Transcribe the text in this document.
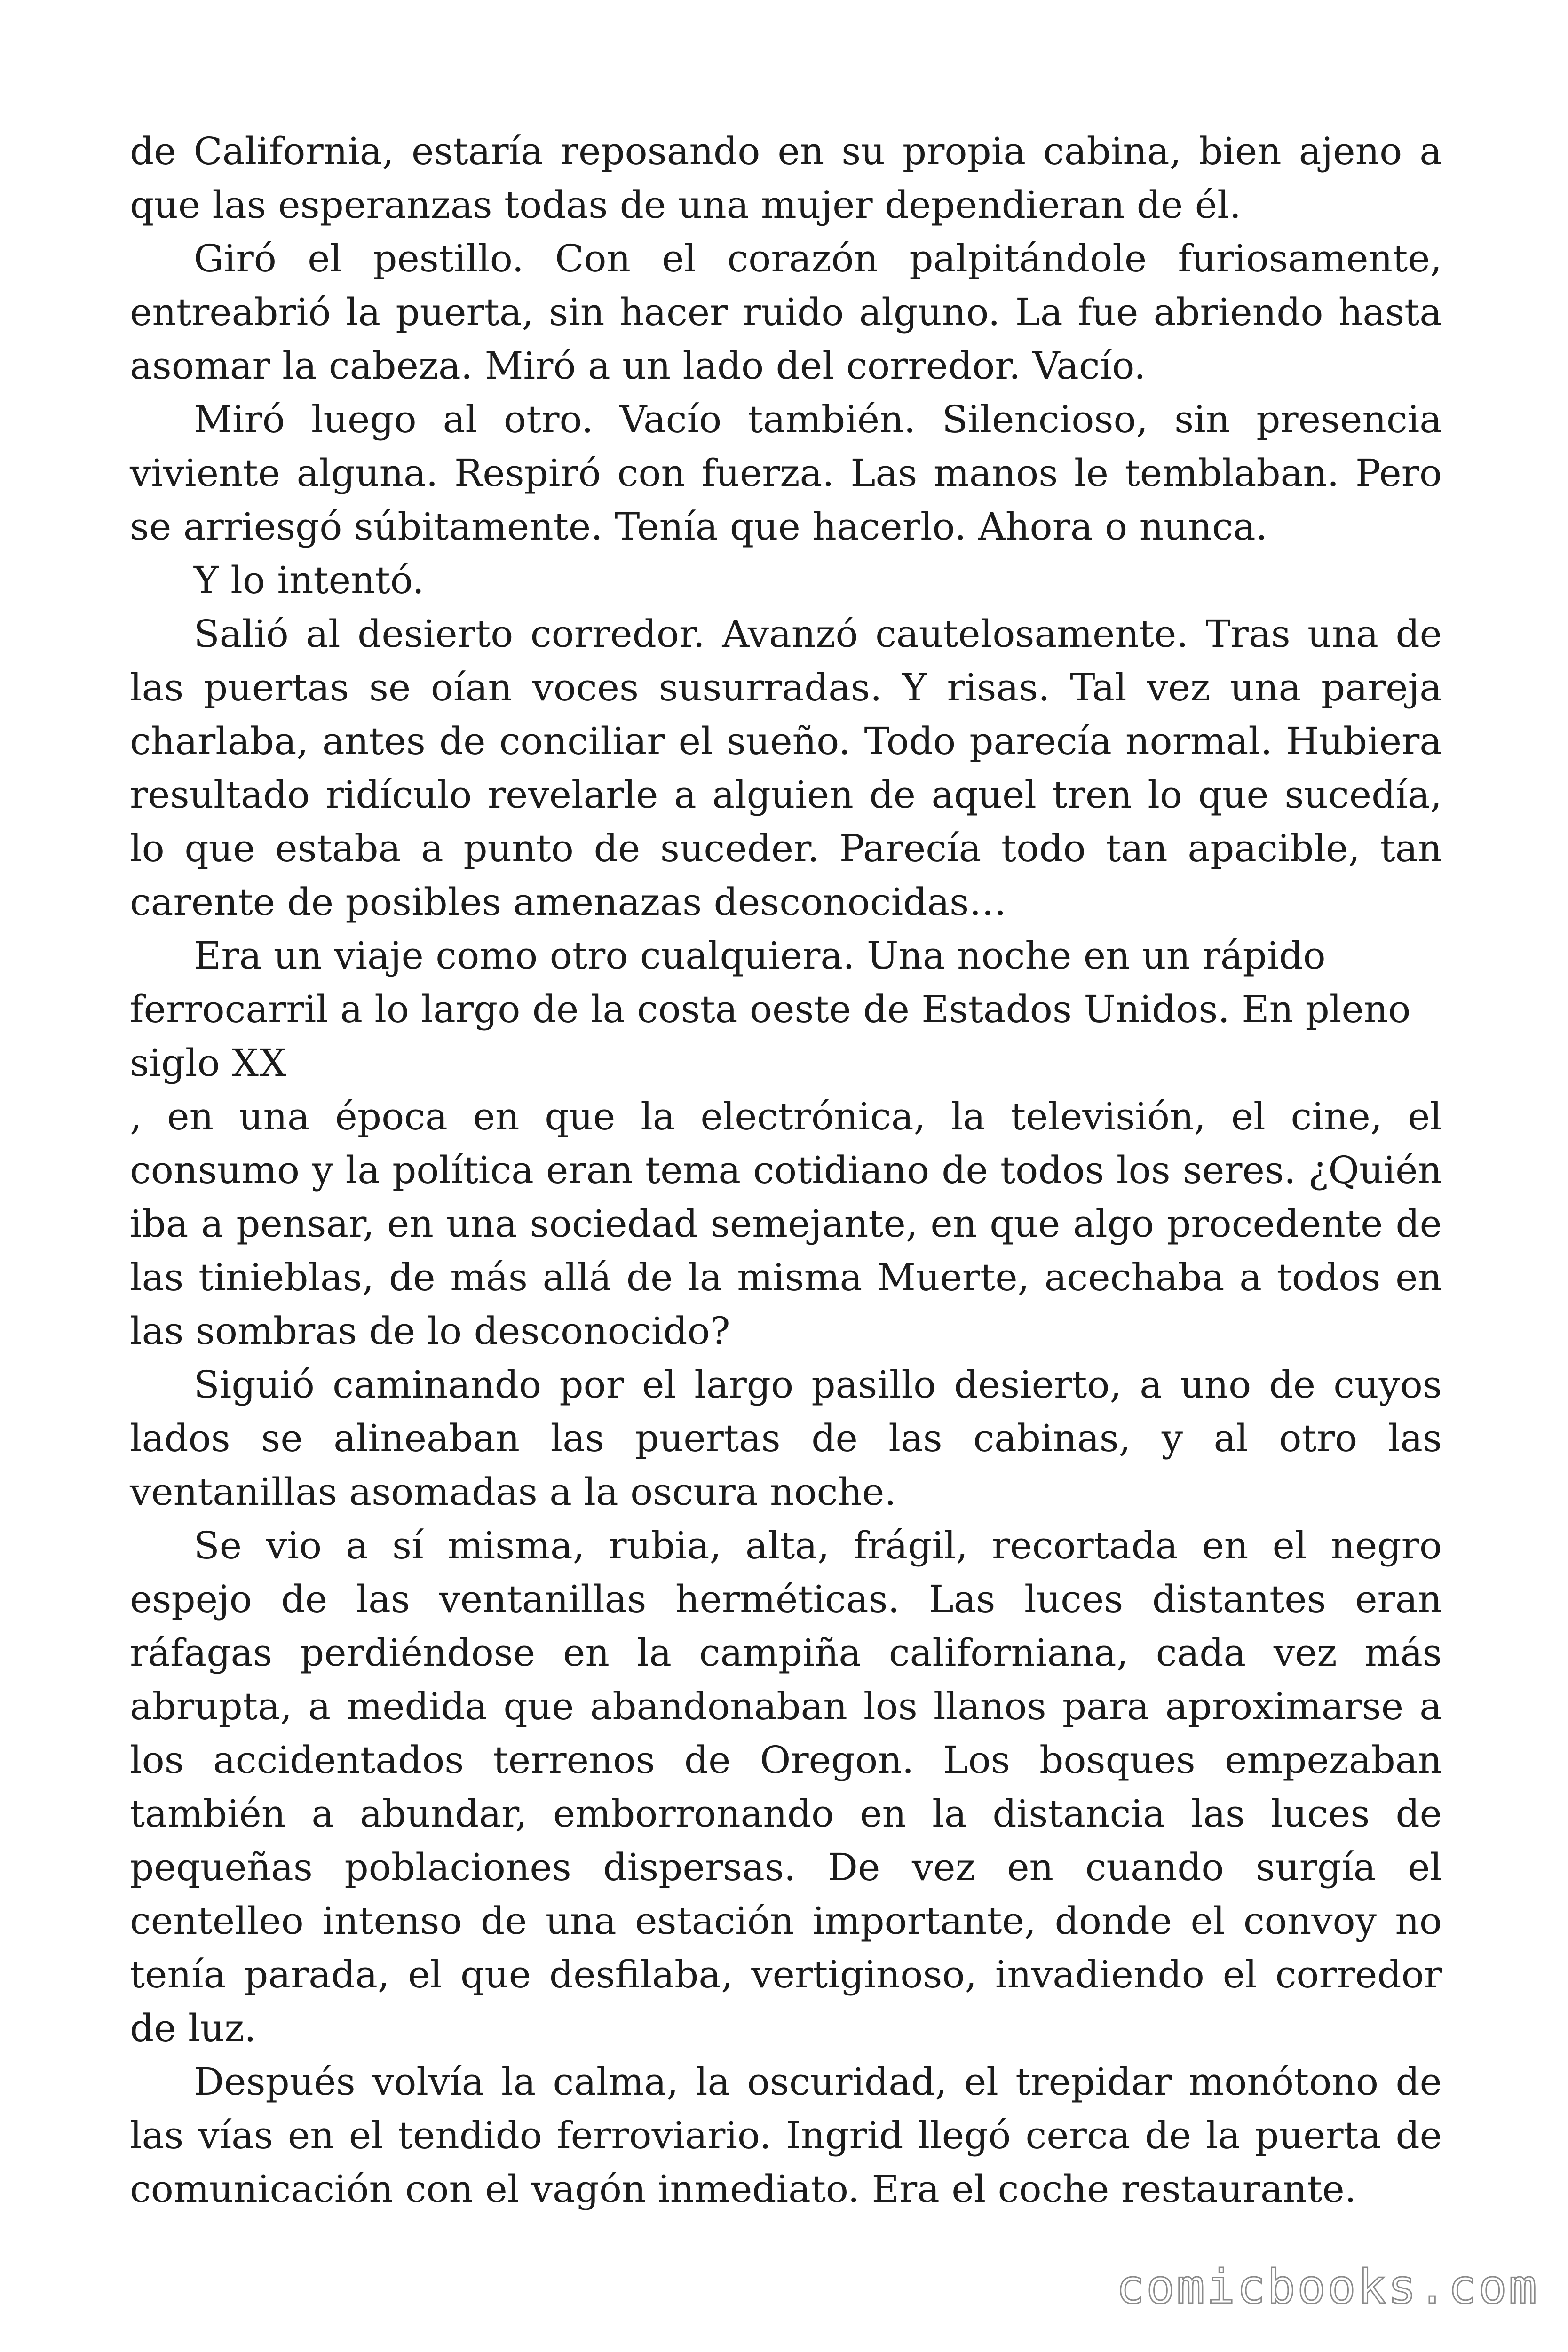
de California, estaría reposando en su propia cabina, bien ajeno a que las esperanzas todas de una mujer dependieran de él.

Giró el pestillo. Con el corazón palpitándole furiosamente, entreabrió la puerta, sin hacer ruido alguno. La fue abriendo hasta asomar la cabeza. Miró a un lado del corredor. Vacío.

Miró luego al otro. Vacío también. Silencioso, sin presencia viviente alguna. Respiró con fuerza. Las manos le temblaban. Pero se arriesgó súbitamente. Tenía que hacerlo. Ahora o nunca.

Y lo intentó.

Salió al desierto corredor. Avanzó cautelosamente. Tras una de las puertas se oían voces susurradas. Y risas. Tal vez una pareja charlaba, antes de conciliar el sueño. Todo parecía normal. Hubiera resultado ridículo revelarle a alguien de aquel tren lo que sucedía, lo que estaba a punto de suceder. Parecía todo tan apacible, tan carente de posibles amenazas desconocidas…

Era un viaje como otro cualquiera. Una noche en un rápido ferrocarril a lo largo de la costa oeste de Estados Unidos. En pleno siglo XX

, en una época en que la electrónica, la televisión, el cine, el consumo y la política eran tema cotidiano de todos los seres. ¿Quién iba a pensar, en una sociedad semejante, en que algo procedente de las tinieblas, de más allá de la misma Muerte, acechaba a todos en las sombras de lo desconocido?

Siguió caminando por el largo pasillo desierto, a uno de cuyos lados se alineaban las puertas de las cabinas, y al otro las ventanillas asomadas a la oscura noche.

Se vio a sí misma, rubia, alta, frágil, recortada en el negro espejo de las ventanillas herméticas. Las luces distantes eran ráfagas perdiéndose en la campiña californiana, cada vez más abrupta, a medida que abandonaban los llanos para aproximarse a los accidentados terrenos de Oregon. Los bosques empezaban también a abundar, emborronando en la distancia las luces de pequeñas poblaciones dispersas. De vez en cuando surgía el centelleo intenso de una estación importante, donde el convoy no tenía parada, el que desfilaba, vertiginoso, invadiendo el corredor de luz.

Después volvía la calma, la oscuridad, el trepidar monótono de las vías en el tendido ferroviario. Ingrid llegó cerca de la puerta de comunicación con el vagón inmediato. Era el coche restaurante.

comicbooks.com
